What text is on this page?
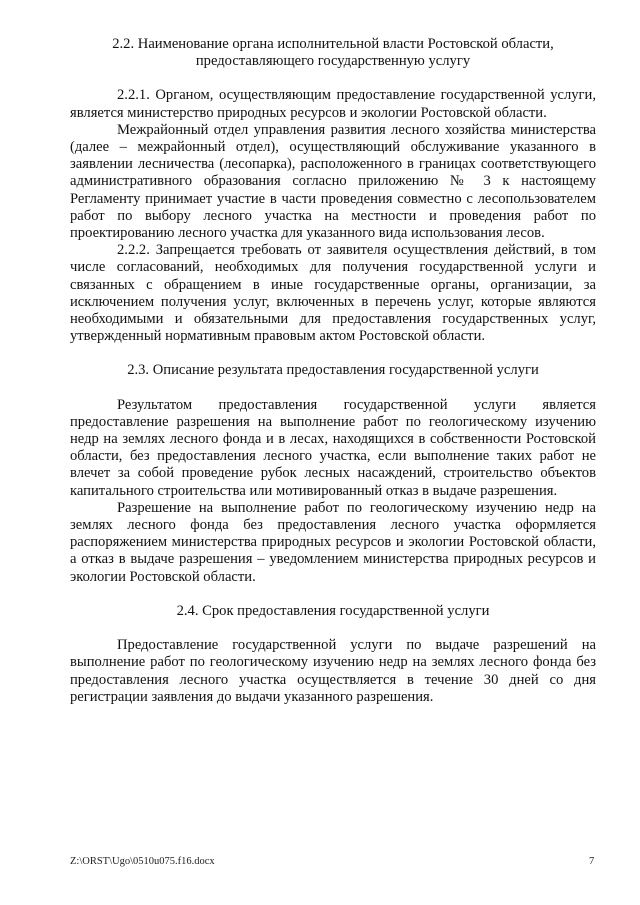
2.2. Наименование органа исполнительной власти Ростовской области,
предоставляющего государственную услугу

2.2.1. Органом, осуществляющим предоставление государственной услуги, является министерство природных ресурсов и экологии Ростовской области.

Межрайонный отдел управления развития лесного хозяйства министерства (далее – межрайонный отдел), осуществляющий обслуживание указанного в заявлении лесничества (лесопарка), расположенного в границах соответствующего административного образования согласно приложению № 3 к настоящему Регламенту принимает участие в части проведения совместно с лесопользователем работ по выбору лесного участка на местности и проведения работ по проектированию лесного участка для указанного вида использования лесов.

2.2.2. Запрещается требовать от заявителя осуществления действий, в том числе согласований, необходимых для получения государственной услуги и связанных с обращением в иные государственные органы, организации, за исключением получения услуг, включенных в перечень услуг, которые являются необходимыми и обязательными для предоставления государственных услуг, утвержденный нормативным правовым актом Ростовской области.

2.3. Описание результата предоставления государственной услуги

Результатом предоставления государственной услуги является предоставление разрешения на выполнение работ по геологическому изучению недр на землях лесного фонда и в лесах, находящихся в собственности Ростовской области, без предоставления лесного участка, если выполнение таких работ не влечет за собой проведение рубок лесных насаждений, строительство объектов капитального строительства или мотивированный отказ в выдаче разрешения.

Разрешение на выполнение работ по геологическому изучению недр на землях лесного фонда без предоставления лесного участка оформляется распоряжением министерства природных ресурсов и экологии Ростовской области, а отказ в выдаче разрешения – уведомлением министерства природных ресурсов и экологии Ростовской области.

2.4. Срок предоставления государственной услуги

Предоставление государственной услуги по выдаче разрешений на выполнение работ по геологическому изучению недр на землях лесного фонда без предоставления лесного участка осуществляется в течение 30 дней со дня регистрации заявления до выдачи указанного разрешения.

Z:\ORST\Ugo\0510u075.f16.docx	7
